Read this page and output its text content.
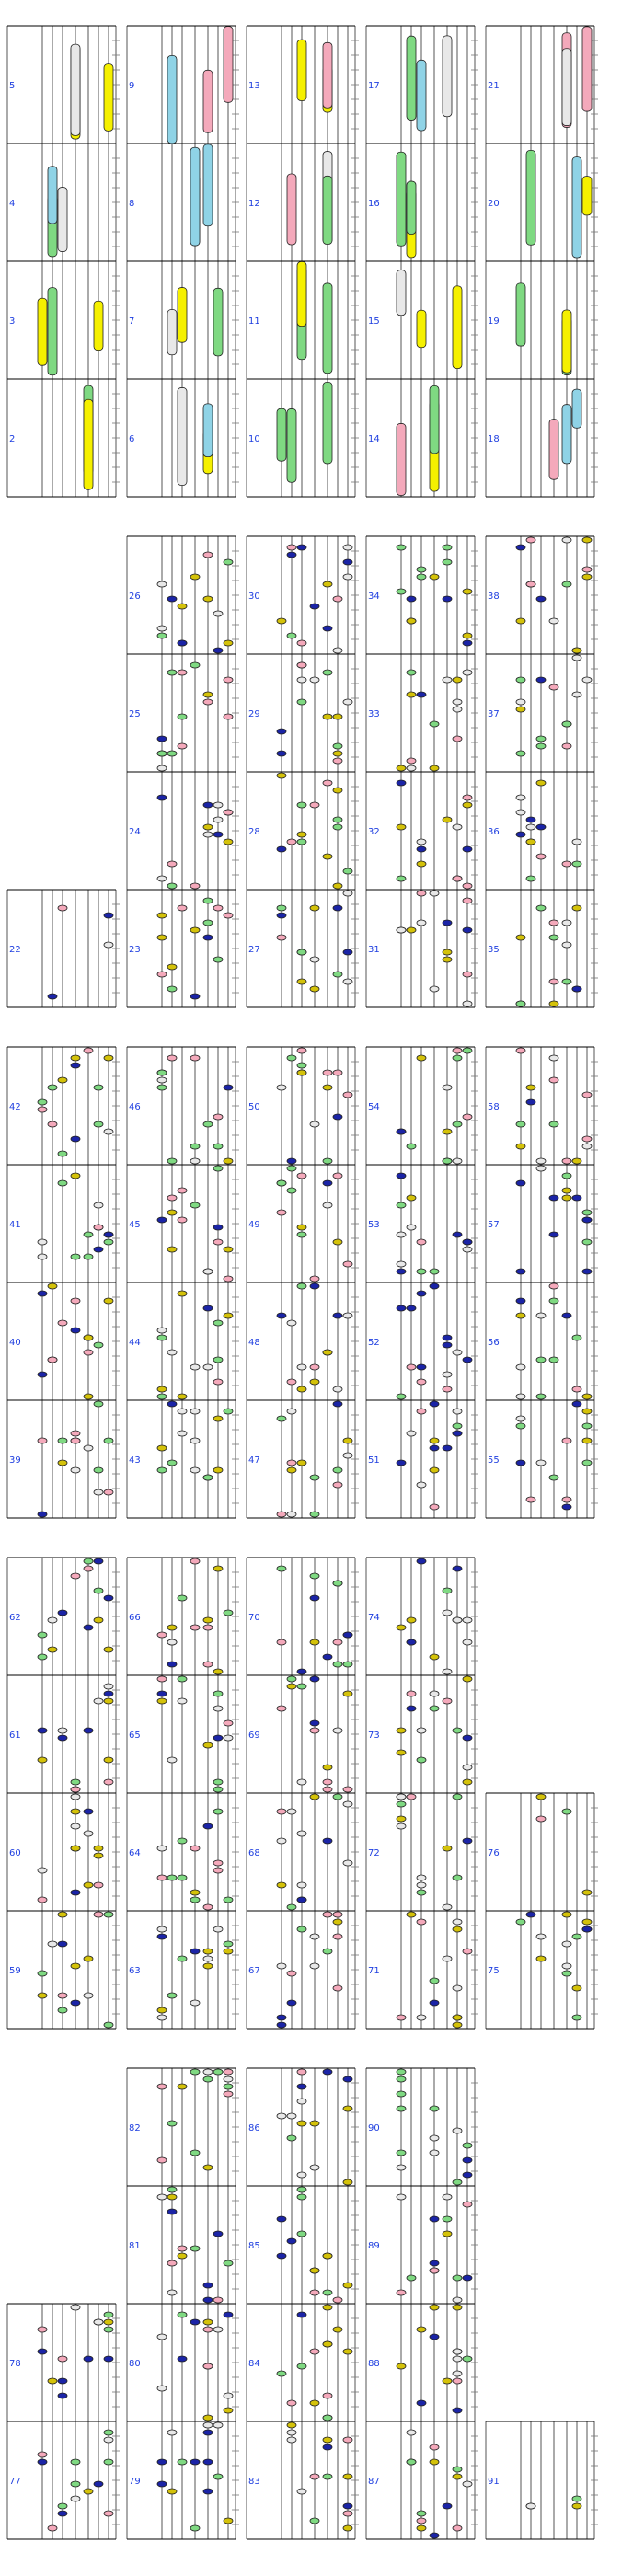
2
3
4
5
6
7
8
9
10
11
12
13
14
15
16
17
18
19
20
21
22	23
24
25
26
27
28
29
30
31
32
33
34
35
36
37
38
39
40
41
42
43
44
45
46
47
48
49
50
51
52
53
54
55
56
57
58
59
60
61
62
63
64
65
66
67
68
69
70
71
72
73
74
75
76
77
78
79
80
81
82
83
84
85
86
87
88
89
90
91
